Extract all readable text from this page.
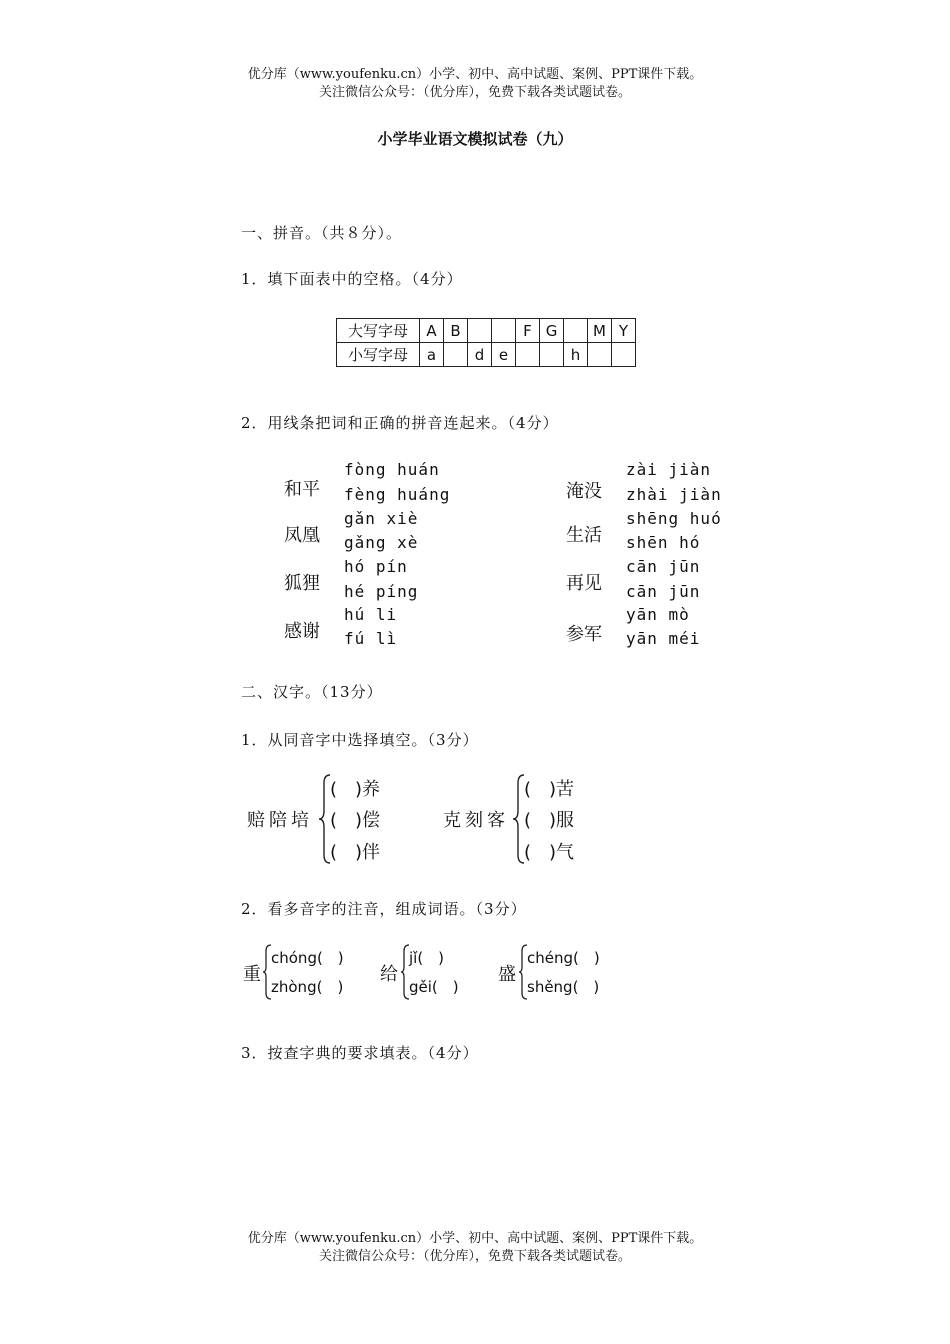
优分库（www.youfenku.cn）小学、初中、高中试题、案例、PPT课件下载。
关注微信公众号：（优分库），免费下载各类试题试卷。
小学毕业语文模拟试卷（九）
一、拼音。（共８分）。
1．填下面表中的空格。（4分）
大写字母	A	B			F	G		M	Y
小写字母	a		d	e			h		
2．用线条把词和正确的拼音连起来。（4分）
和平
fòng huán
fèng huáng
凤凰
gǎn xiè
gǎng xè
狐狸
hó pín
hé píng
感谢
hú li
fú lì
淹没
zài jiàn
zhài jiàn
生活
shēng huó
shēn hó
再见
cān jūn
cān jūn
参军
yān mò
yān méi
二、汉字。（13分）
1．从同音字中选择填空。（3分）
赔陪培
(　)养
(　)偿
(　)伴
克刻客
(　)苦
(　)服
(　)气
2．看多音字的注音，组成词语。（3分）
重
chóng(　)
zhòng(　)
给
jǐ(　)
gěi(　)
盛
chéng(　)
shěng(　)
3．按查字典的要求填表。（4分）
优分库（www.youfenku.cn）小学、初中、高中试题、案例、PPT课件下载。
关注微信公众号：（优分库），免费下载各类试题试卷。
